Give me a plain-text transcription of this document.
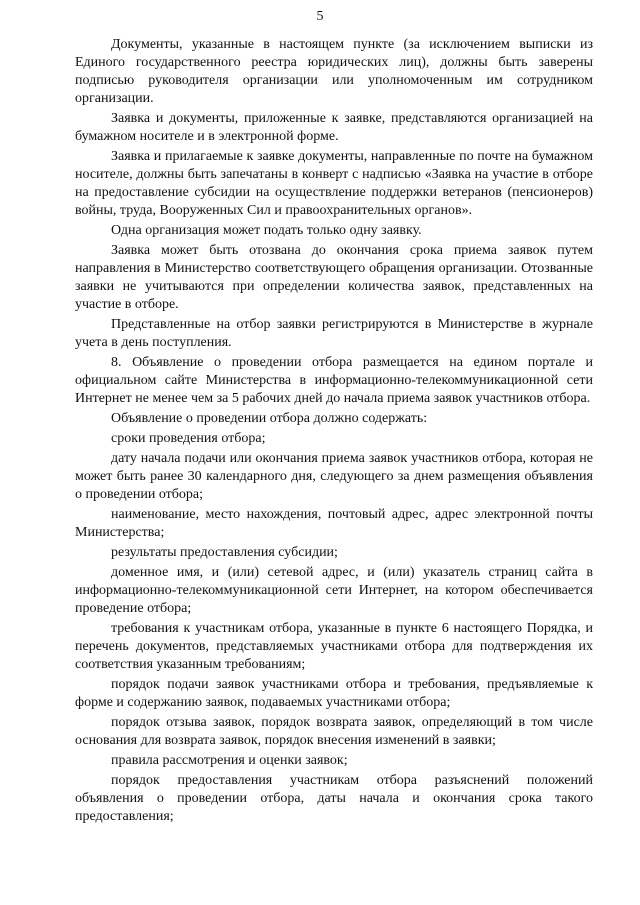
5

Документы, указанные в настоящем пункте (за исключением выписки из Единого государственного реестра юридических лиц), должны быть заверены подписью руководителя организации или уполномоченным им сотрудником организации.

Заявка и документы, приложенные к заявке, представляются организацией на бумажном носителе и в электронной форме.

Заявка и прилагаемые к заявке документы, направленные по почте на бумажном носителе, должны быть запечатаны в конверт с надписью «Заявка на участие в отборе на предоставление субсидии на осуществление поддержки ветеранов (пенсионеров) войны, труда, Вооруженных Сил и правоохранительных органов».

Одна организация может подать только одну заявку.

Заявка может быть отозвана до окончания срока приема заявок путем направления в Министерство соответствующего обращения организации. Отозванные заявки не учитываются при определении количества заявок, представленных на участие в отборе.

Представленные на отбор заявки регистрируются в Министерстве в журнале учета в день поступления.

8. Объявление о проведении отбора размещается на едином портале и официальном сайте Министерства в информационно-телекоммуникационной сети Интернет не менее чем за 5 рабочих дней до начала приема заявок участников отбора.

Объявление о проведении отбора должно содержать:

сроки проведения отбора;

дату начала подачи или окончания приема заявок участников отбора, которая не может быть ранее 30 календарного дня, следующего за днем размещения объявления о проведении отбора;

наименование, место нахождения, почтовый адрес, адрес электронной почты Министерства;

результаты предоставления субсидии;

доменное имя, и (или) сетевой адрес, и (или) указатель страниц сайта в информационно-телекоммуникационной сети Интернет, на котором обеспечивается проведение отбора;

требования к участникам отбора, указанные в пункте 6 настоящего Порядка, и перечень документов, представляемых участниками отбора для подтверждения их соответствия указанным требованиям;

порядок подачи заявок участниками отбора и требования, предъявляемые к форме и содержанию заявок, подаваемых участниками отбора;

порядок отзыва заявок, порядок возврата заявок, определяющий в том числе основания для возврата заявок, порядок внесения изменений в заявки;

правила рассмотрения и оценки заявок;

порядок предоставления участникам отбора разъяснений положений объявления о проведении отбора, даты начала и окончания срока такого предоставления;
